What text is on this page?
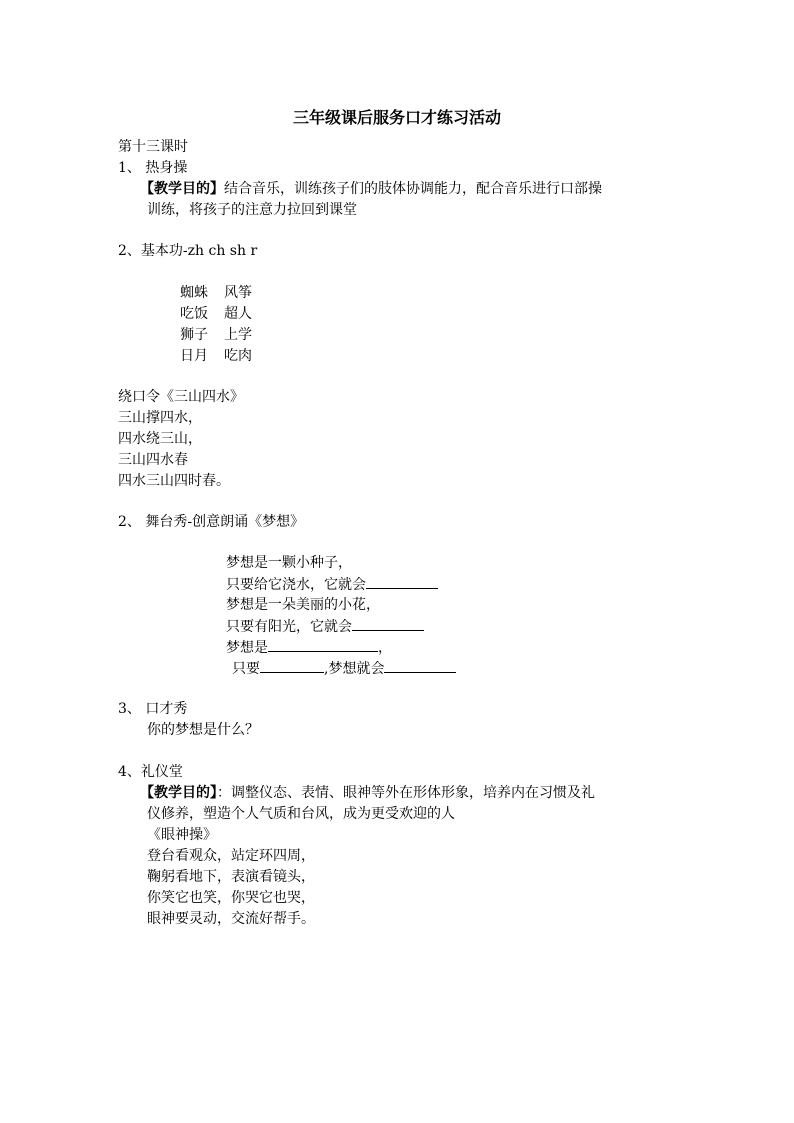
三年级课后服务口才练习活动
第十三课时
1、 热身操
【教学目的】结合音乐，训练孩子们的肢体协调能力，配合音乐进行口部操
训练，将孩子的注意力拉回到课堂
2、基本功-zh ch sh r
蜘蛛 风筝
吃饭 超人
狮子 上学
日月 吃肉
绕口令《三山四水》
三山撑四水，
四水绕三山，
三山四水春
四水三山四时春。
2、 舞台秀-创意朗诵《梦想》
梦想是一颗小种子，
只要给它浇水，它就会
梦想是一朵美丽的小花，
只要有阳光，它就会
梦想是	，
只要	,梦想就会
3、 口才秀
你的梦想是什么？
4、礼仪堂
【教学目的】：调整仪态、表情、眼神等外在形体形象，培养内在习惯及礼
仪修养，塑造个人气质和台风，成为更受欢迎的人
《眼神操》
登台看观众，站定环四周，
鞠躬看地下，表演看镜头，
你笑它也笑，你哭它也哭，
眼神要灵动，交流好帮手。
